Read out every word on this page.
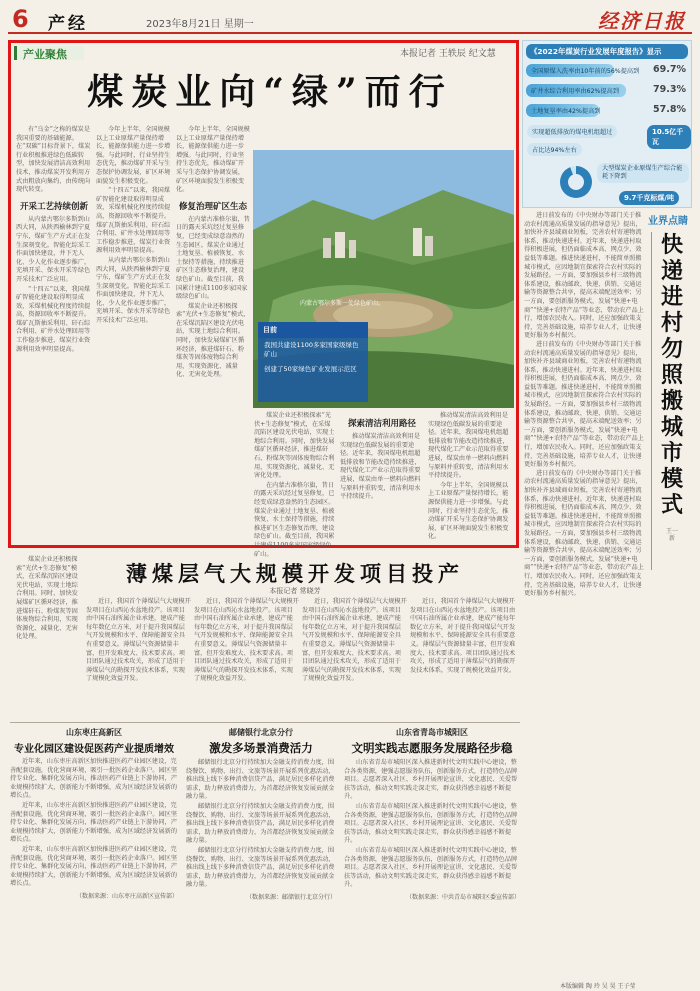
6 产经	2023年8月21日 星期一	经济日报
产业聚焦	本报记者 王轶辰 纪文慧
煤炭业向“绿”而行

有“乌金”之称的煤炭是我国重要的基础能源。在“双碳”目标背景下，煤炭行业积极推进绿色低碳转型，加快发展清洁高效利用技术，推动煤炭开发利用方式由粗放向集约、由传统向现代转变。

开采工艺持续创新

从内蒙古鄂尔多斯到山西大同，从陕西榆林到宁夏宁东，煤矿生产方式正在发生深刻变化。智能化综采工作面加快建设，井下无人化、少人化作业逐步推广，充填开采、保水开采等绿色开采技术广泛应用。

“十四五”以来，我国煤矿智能化建设取得明显成效，采煤机械化程度持续提高，资源回收率不断提升。煤矿瓦斯抽采利用、矸石综合利用、矿井水处理回用等工作稳步推进，煤炭行业资源利用效率明显提高。

今年上半年，全国规模以上工业原煤产量保持增长，能源保供能力进一步增强。与此同时，行业坚持生态优先，推动煤矿开采与生态保护协调发展，矿区环境面貌发生积极变化。

“十四五”以来，我国煤矿智能化建设取得明显成效，采煤机械化程度持续提高，资源回收率不断提升。煤矿瓦斯抽采利用、矸石综合利用、矿井水处理回用等工作稳步推进，煤炭行业资源利用效率明显提高。

从内蒙古鄂尔多斯到山西大同，从陕西榆林到宁夏宁东，煤矿生产方式正在发生深刻变化。智能化综采工作面加快建设，井下无人化、少人化作业逐步推广，充填开采、保水开采等绿色开采技术广泛应用。

今年上半年，全国规模以上工业原煤产量保持增长，能源保供能力进一步增强。与此同时，行业坚持生态优先，推动煤矿开采与生态保护协调发展，矿区环境面貌发生积极变化。

修复治理矿区生态

在内蒙古准格尔旗，昔日的露天采坑经过复垦修复，已经变成绿意盎然的生态园区。煤炭企业通过土地复垦、植被恢复、水土保持等措施，持续推进矿区生态修复治理，建设绿色矿山。截至目前，我国累计建成1100多家国家级绿色矿山。

煤炭企业还积极探索“光伏+生态修复”模式，在采煤沉陷区建设光伏电站，实现土地综合利用。同时，加快发展煤矿区循环经济，推进煤矸石、粉煤灰等固体废物综合利用，实现资源化、减量化、无害化处理。

内蒙古鄂尔多斯一处绿色矿山。

目前
我国共建设1100多家国家级绿色矿山
创建了50家绿色矿业发展示范区

煤炭企业还积极探索“光伏+生态修复”模式，在采煤沉陷区建设光伏电站，实现土地综合利用。同时，加快发展煤矿区循环经济，推进煤矸石、粉煤灰等固体废物综合利用，实现资源化、减量化、无害化处理。

在内蒙古准格尔旗，昔日的露天采坑经过复垦修复，已经变成绿意盎然的生态园区。煤炭企业通过土地复垦、植被恢复、水土保持等措施，持续推进矿区生态修复治理，建设绿色矿山。截至目前，我国累计建成1100多家国家级绿色矿山。

探索清洁利用路径

推动煤炭清洁高效利用是实现绿色低碳发展的重要途径。近年来，我国煤电机组超低排放和节能改造持续推进，现代煤化工产业示范取得重要进展，煤炭由单一燃料向燃料与原料并重转变，清洁利用水平持续提升。

推动煤炭清洁高效利用是实现绿色低碳发展的重要途径。近年来，我国煤电机组超低排放和节能改造持续推进，现代煤化工产业示范取得重要进展，煤炭由单一燃料向燃料与原料并重转变，清洁利用水平持续提升。

今年上半年，全国规模以上工业原煤产量保持增长，能源保供能力进一步增强。与此同时，行业坚持生态优先，推动煤矿开采与生态保护协调发展，矿区环境面貌发生积极变化。

《2022年煤炭行业发展年度报告》显示
全国原煤入洗率由10年前的56%提高到 69.7%
矿井水综合利用率由62%提高到	79.3%
土地复垦率由42%提高到	57.8%
实现超低排放的煤电机组超过	10.5亿千瓦
占比达94%左右
大型煤炭企业原煤生产综合能耗下降到
9.7千克标煤/吨

进日前发布的《中央财办等部门关于推动农村流通高质量发展的指导意见》提出，加快补齐县域商业短板，完善农村寄递物流体系，推动快递进村。近年来，快递进村取得积极进展，但仍面临成本高、网点少、效益低等难题。推进快递进村，不能简单照搬城市模式，应因地制宜探索符合农村实际的发展路径。一方面，要加强县乡村三级物流体系建设，推动邮政、快递、供销、交通运输等资源整合共享，提高末端配送效率；另一方面，要创新服务模式，发展“快递+电商”“快递+农特产品”等业态，带动农产品上行，增加农民收入。同时，还应加强政策支持，完善基础设施，培养专业人才，让快递更好服务乡村振兴。

进日前发布的《中央财办等部门关于推动农村流通高质量发展的指导意见》提出，加快补齐县域商业短板，完善农村寄递物流体系，推动快递进村。近年来，快递进村取得积极进展，但仍面临成本高、网点少、效益低等难题。推进快递进村，不能简单照搬城市模式，应因地制宜探索符合农村实际的发展路径。一方面，要加强县乡村三级物流体系建设，推动邮政、快递、供销、交通运输等资源整合共享，提高末端配送效率；另一方面，要创新服务模式，发展“快递+电商”“快递+农特产品”等业态，带动农产品上行，增加农民收入。同时，还应加强政策支持，完善基础设施，培养专业人才，让快递更好服务乡村振兴。

进日前发布的《中央财办等部门关于推动农村流通高质量发展的指导意见》提出，加快补齐县域商业短板，完善农村寄递物流体系，推动快递进村。近年来，快递进村取得积极进展，但仍面临成本高、网点少、效益低等难题。推进快递进村，不能简单照搬城市模式，应因地制宜探索符合农村实际的发展路径。一方面，要加强县乡村三级物流体系建设，推动邮政、快递、供销、交通运输等资源整合共享，提高末端配送效率；另一方面，要创新服务模式，发展“快递+电商”“快递+农特产品”等业态，带动农产品上行，增加农民收入。同时，还应加强政策支持，完善基础设施，培养专业人才，让快递更好服务乡村振兴。

业界点睛
快递进村勿照搬城市模式
王一新

煤炭企业还积极探索“光伏+生态修复”模式，在采煤沉陷区建设光伏电站，实现土地综合利用。同时，加快发展煤矿区循环经济，推进煤矸石、粉煤灰等固体废物综合利用，实现资源化、减量化、无害化处理。

薄煤层气大规模开发项目投产
本报记者 常晓芳

近日，我国首个薄煤层气大规模开发项目在山西沁水盆地投产。该项目由中国石油所属企业承建，建成产能每年数亿立方米，对于提升我国煤层气开发规模和水平、保障能源安全具有重要意义。薄煤层气资源储量丰富，但开发难度大、技术要求高。项目团队通过技术攻关，形成了适用于薄煤层气的勘探开发技术体系，实现了规模化效益开发。

近日，我国首个薄煤层气大规模开发项目在山西沁水盆地投产。该项目由中国石油所属企业承建，建成产能每年数亿立方米，对于提升我国煤层气开发规模和水平、保障能源安全具有重要意义。薄煤层气资源储量丰富，但开发难度大、技术要求高。项目团队通过技术攻关，形成了适用于薄煤层气的勘探开发技术体系，实现了规模化效益开发。

近日，我国首个薄煤层气大规模开发项目在山西沁水盆地投产。该项目由中国石油所属企业承建，建成产能每年数亿立方米，对于提升我国煤层气开发规模和水平、保障能源安全具有重要意义。薄煤层气资源储量丰富，但开发难度大、技术要求高。项目团队通过技术攻关，形成了适用于薄煤层气的勘探开发技术体系，实现了规模化效益开发。

近日，我国首个薄煤层气大规模开发项目在山西沁水盆地投产。该项目由中国石油所属企业承建，建成产能每年数亿立方米，对于提升我国煤层气开发规模和水平、保障能源安全具有重要意义。薄煤层气资源储量丰富，但开发难度大、技术要求高。项目团队通过技术攻关，形成了适用于薄煤层气的勘探开发技术体系，实现了规模化效益开发。

山东枣庄高新区
专业化园区建设促医药产业提质增效

近年来，山东枣庄高新区加快推进医药产业园区建设，完善配套设施，优化营商环境，吸引一批医药企业落户。园区坚持专业化、集群化发展方向，推动医药产业链上下游协同，产业规模持续扩大，创新能力不断增强，成为区域经济发展新的增长点。

近年来，山东枣庄高新区加快推进医药产业园区建设，完善配套设施，优化营商环境，吸引一批医药企业落户。园区坚持专业化、集群化发展方向，推动医药产业链上下游协同，产业规模持续扩大，创新能力不断增强，成为区域经济发展新的增长点。

近年来，山东枣庄高新区加快推进医药产业园区建设，完善配套设施，优化营商环境，吸引一批医药企业落户。园区坚持专业化、集群化发展方向，推动医药产业链上下游协同，产业规模持续扩大，创新能力不断增强，成为区域经济发展新的增长点。

（数据来源：山东枣庄高新区宣传部）
邮储银行北京分行
激发多场景消费活力

邮储银行北京分行持续加大金融支持消费力度，围绕餐饮、购物、出行、文旅等场景开展系列优惠活动，推出线上线下多种消费信贷产品，满足居民多样化消费需求，助力释放消费潜力，为首都经济恢复发展贡献金融力量。

邮储银行北京分行持续加大金融支持消费力度，围绕餐饮、购物、出行、文旅等场景开展系列优惠活动，推出线上线下多种消费信贷产品，满足居民多样化消费需求，助力释放消费潜力，为首都经济恢复发展贡献金融力量。

邮储银行北京分行持续加大金融支持消费力度，围绕餐饮、购物、出行、文旅等场景开展系列优惠活动，推出线上线下多种消费信贷产品，满足居民多样化消费需求，助力释放消费潜力，为首都经济恢复发展贡献金融力量。

（数据来源：邮储银行北京分行）
山东省青岛市城阳区
文明实践志愿服务发展路径步稳

山东省青岛市城阳区深入推进新时代文明实践中心建设，整合各类资源，建强志愿服务队伍，创新服务方式，打造特色品牌项目。志愿者深入社区、乡村开展理论宣讲、文化惠民、关爱帮扶等活动，推动文明实践走深走实，群众获得感幸福感不断提升。

山东省青岛市城阳区深入推进新时代文明实践中心建设，整合各类资源，建强志愿服务队伍，创新服务方式，打造特色品牌项目。志愿者深入社区、乡村开展理论宣讲、文化惠民、关爱帮扶等活动，推动文明实践走深走实，群众获得感幸福感不断提升。

山东省青岛市城阳区深入推进新时代文明实践中心建设，整合各类资源，建强志愿服务队伍，创新服务方式，打造特色品牌项目。志愿者深入社区、乡村开展理论宣讲、文化惠民、关爱帮扶等活动，推动文明实践走深走实，群众获得感幸福感不断提升。

（数据来源：中共青岛市城阳区委宣传部）
本版编辑 陶 玲 吴 昊 王子莹
